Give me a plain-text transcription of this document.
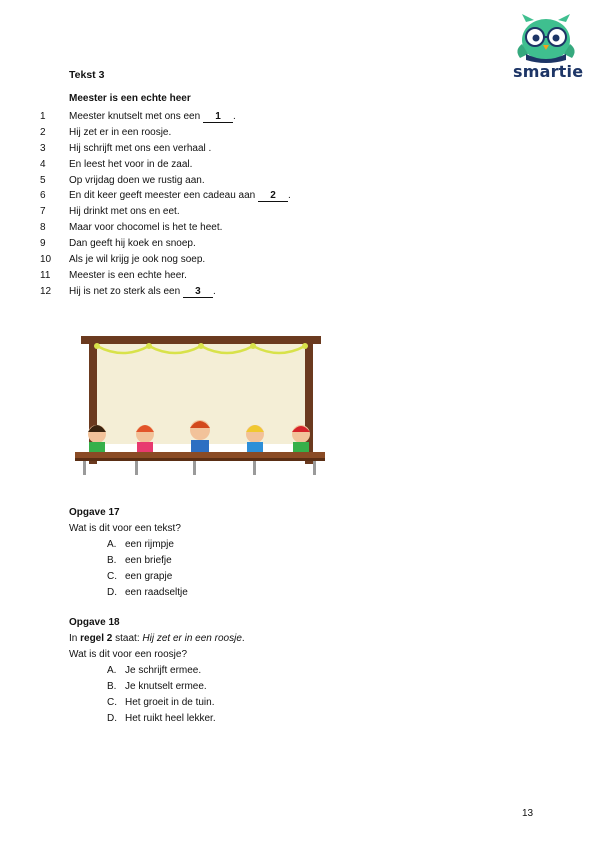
smartie
Tekst 3
Meester is een echte heer
1 Meester knutselt met ons een 1 .
2 Hij zet er in een roosje.
3 Hij schrijft met ons een verhaal .
4 En leest het voor in de zaal.
5 Op vrijdag doen we rustig aan.
6 En dit keer geeft meester een cadeau aan 2 .
7 Hij drinkt met ons en eet.
8 Maar voor chocomel is het te heet.
9 Dan geeft hij koek en snoep.
10 Als je wil krijg je ook nog soep.
11 Meester is een echte heer.
12 Hij is net zo sterk als een 3 .
Opgave 17
Wat is dit voor een tekst?
A. een rijmpje
B. een briefje
C. een grapje
D. een raadseltje
Opgave 18
In regel 2 staat: Hij zet er in een roosje.
Wat is dit voor een roosje?
A. Je schrijft ermee.
B. Je knutselt ermee.
C. Het groeit in de tuin.
D. Het ruikt heel lekker.
13
